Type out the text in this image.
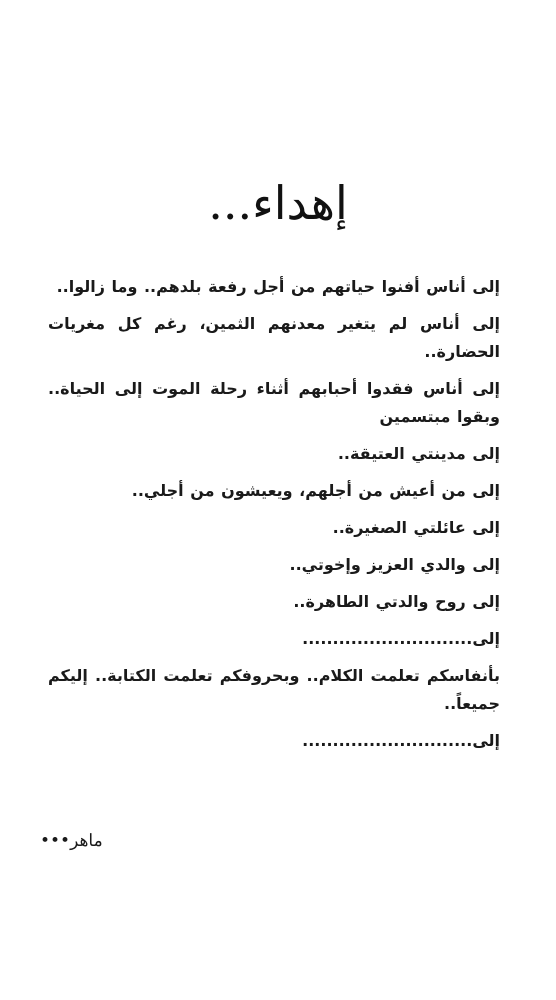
إهداء...
إلى أناس أفنوا حياتهم من أجل رفعة بلدهم.. وما زالوا..
إلى أناس لم يتغير معدنهم الثمين، رغم كل مغريات الحضارة..
إلى أناس فقدوا أحبابهم أثناء رحلة الموت إلى الحياة.. وبقوا مبتسمين
إلى مدينتي العتيقة..
إلى من أعيش من أجلهم، ويعيشون من أجلي..
إلى عائلتي الصغيرة..
إلى والدي العزيز وإخوتي..
إلى روح والدتي الطاهرة..
إلى............................
بأنفاسكم تعلمت الكلام.. وبحروفكم تعلمت الكتابة.. إليكم جميعاً..
إلى............................
ماهر•••
